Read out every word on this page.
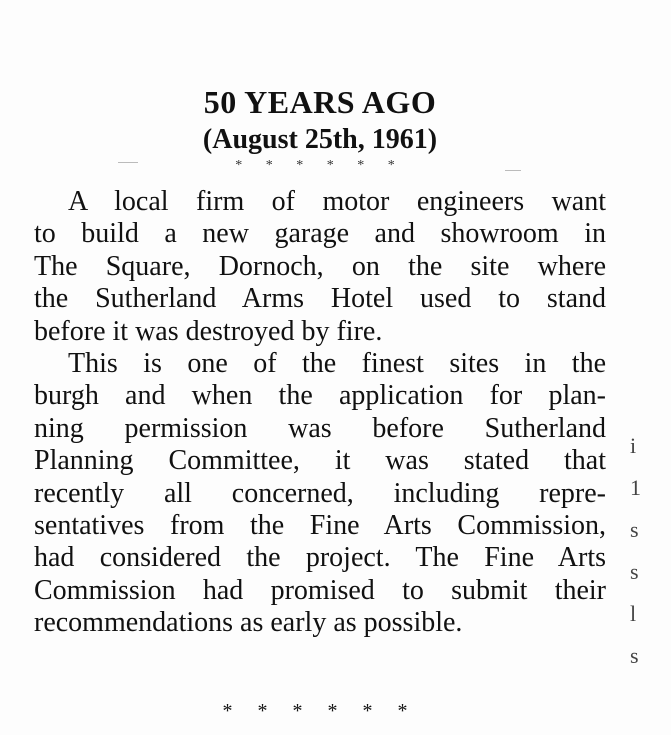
50 YEARS AGO
(August 25th, 1961)
* * * * * *

A local firm of motor engineers want
to build a new garage and showroom in
The Square, Dornoch, on the site where
the Sutherland Arms Hotel used to stand
before it was destroyed by fire.

This is one of the finest sites in the
burgh and when the application for plan-
ning permission was before Sutherland
Planning Committee, it was stated that
recently all concerned, including repre-
sentatives from the Fine Arts Commission,
had considered the project. The Fine Arts
Commission had promised to submit their
recommendations as early as possible.

i
1
s
s
l
s
* * * * * *
